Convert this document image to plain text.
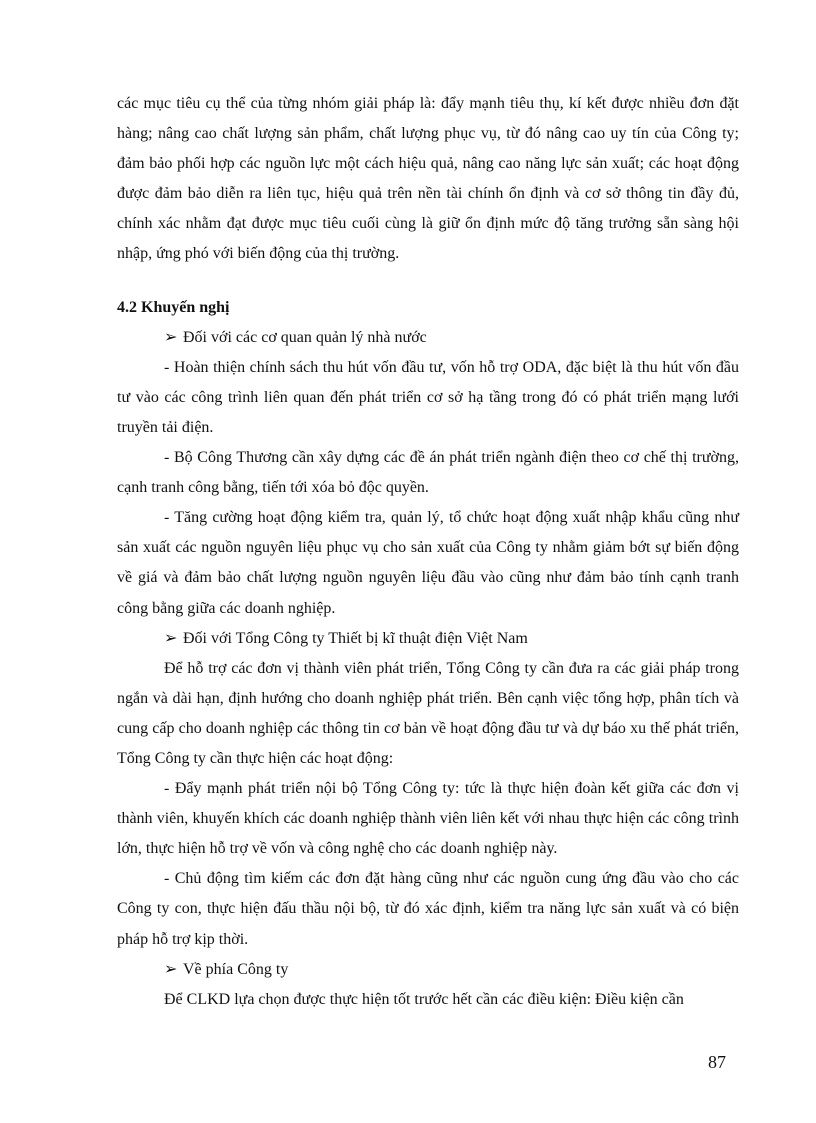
các mục tiêu cụ thể của từng nhóm giải pháp là: đẩy mạnh tiêu thụ, kí kết được nhiều đơn đặt hàng; nâng cao chất lượng sản phẩm, chất lượng phục vụ, từ đó nâng cao uy tín của Công ty; đảm bảo phối hợp các nguồn lực một cách hiệu quả, nâng cao năng lực sản xuất; các hoạt động được đảm bảo diễn ra liên tục, hiệu quả trên nền tài chính ổn định và cơ sở thông tin đầy đủ, chính xác nhằm đạt được mục tiêu cuối cùng là giữ ổn định mức độ tăng trưởng sẵn sàng hội nhập, ứng phó với biến động của thị trường.

4.2 Khuyến nghị

➢ Đối với các cơ quan quản lý nhà nước

- Hoàn thiện chính sách thu hút vốn đầu tư, vốn hỗ trợ ODA, đặc biệt là thu hút vốn đầu tư vào các công trình liên quan đến phát triển cơ sở hạ tầng trong đó có phát triển mạng lưới truyền tải điện.

- Bộ Công Thương cần xây dựng các đề án phát triển ngành điện theo cơ chế thị trường, cạnh tranh công bằng, tiến tới xóa bỏ độc quyền.

- Tăng cường hoạt động kiểm tra, quản lý, tổ chức hoạt động xuất nhập khẩu cũng như sản xuất các nguồn nguyên liệu phục vụ cho sản xuất của Công ty nhằm giảm bớt sự biến động về giá và đảm bảo chất lượng nguồn nguyên liệu đầu vào cũng như đảm bảo tính cạnh tranh công bằng giữa các doanh nghiệp.

➢ Đối với Tổng Công ty Thiết bị kĩ thuật điện Việt Nam

Để hỗ trợ các đơn vị thành viên phát triển, Tổng Công ty cần đưa ra các giải pháp trong ngắn và dài hạn, định hướng cho doanh nghiệp phát triển. Bên cạnh việc tổng hợp, phân tích và cung cấp cho doanh nghiệp các thông tin cơ bản về hoạt động đầu tư và dự báo xu thế phát triển, Tổng Công ty cần thực hiện các hoạt động:

- Đẩy mạnh phát triển nội bộ Tổng Công ty: tức là thực hiện đoàn kết giữa các đơn vị thành viên, khuyến khích các doanh nghiệp thành viên liên kết với nhau thực hiện các công trình lớn, thực hiện hỗ trợ về vốn và công nghệ cho các doanh nghiệp này.

- Chủ động tìm kiếm các đơn đặt hàng cũng như các nguồn cung ứng đầu vào cho các Công ty con, thực hiện đấu thầu nội bộ, từ đó xác định, kiểm tra năng lực sản xuất và có biện pháp hỗ trợ kịp thời.

➢ Về phía Công ty

Để CLKD lựa chọn được thực hiện tốt trước hết cần các điều kiện: Điều kiện cần

87
